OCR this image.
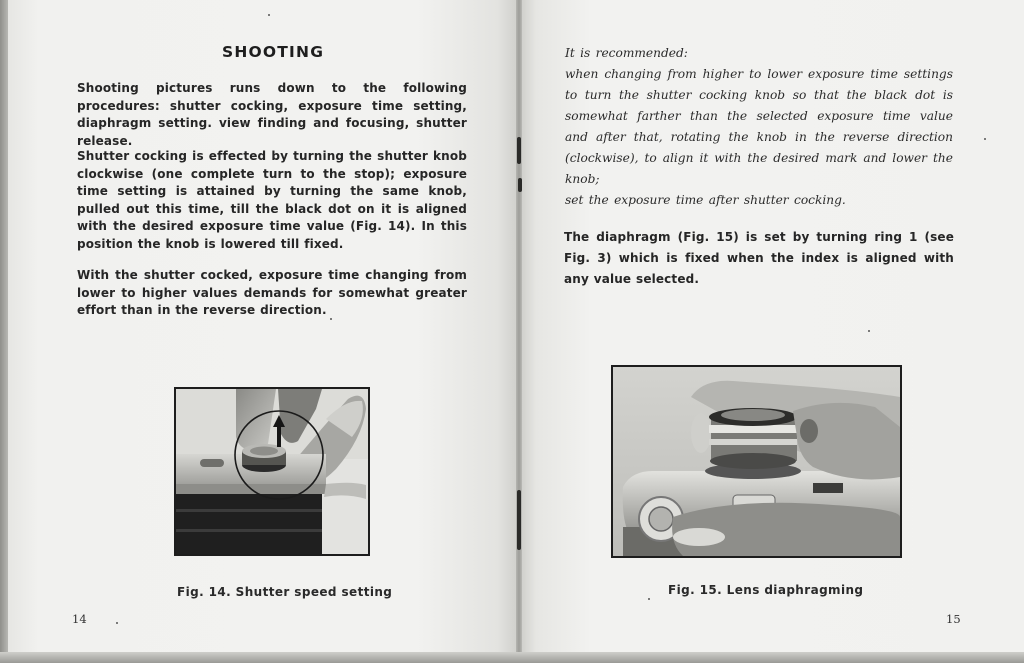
SHOOTING

Shooting pictures runs down to the following procedures: shutter cocking, exposure time setting, diaphragm setting. view finding and focusing, shutter release.

Shutter cocking is effected by turning the shutter knob clockwise (one complete turn to the stop); exposure time setting is attained by turning the same knob, pulled out this time, till the black dot on it is aligned with the desired exposure time value (Fig. 14). In this position the knob is lowered till fixed.

With the shutter cocked, exposure time changing from lower to higher values demands for somewhat greater effort than in the reverse direction.

Fig. 14. Shutter speed setting
14

It is recommended:

when changing from higher to lower exposure time settings to turn the shutter cocking knob so that the black dot is somewhat farther than the selected exposure time value and after that, rotating the knob in the reverse direction (clockwise), to align it with the desired mark and lower the knob;

set the exposure time after shutter cocking.

The diaphragm (Fig. 15) is set by turning ring 1 (see Fig. 3) which is fixed when the index is aligned with any value selected.

Fig. 15. Lens diaphragming
15
